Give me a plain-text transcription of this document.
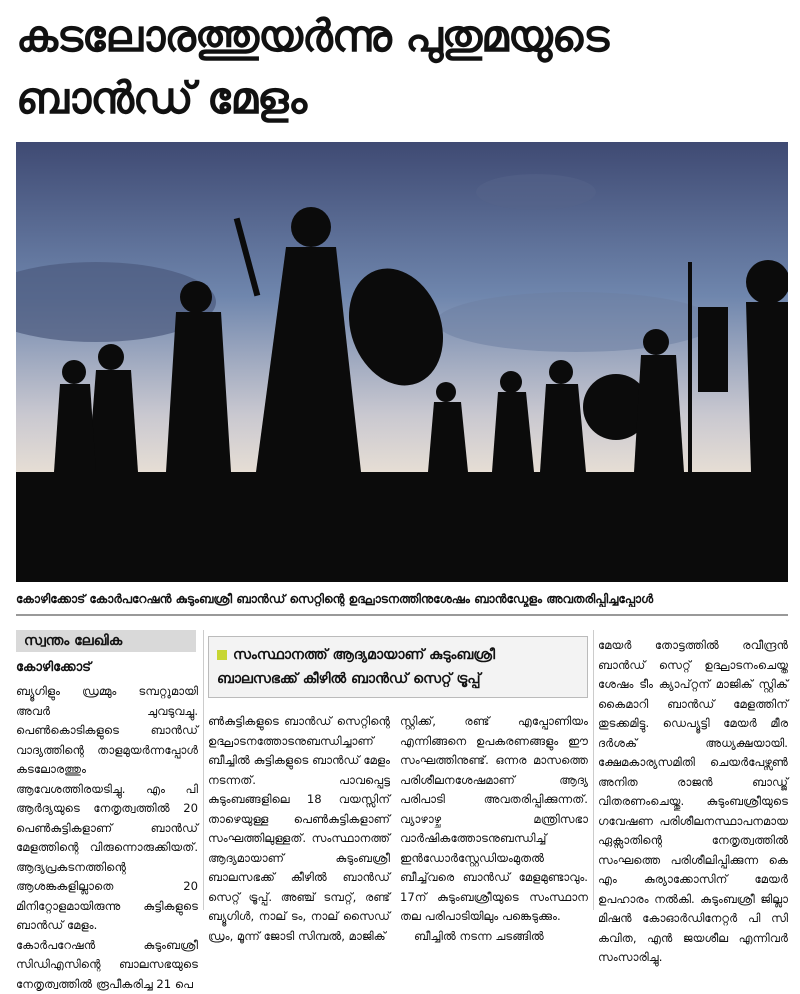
കടലോരത്തുയർന്നു പുതുമയുടെ
ബാൻഡ് മേളം
കോഴിക്കോട് കോർപറേഷൻ കുടുംബശ്രീ ബാൻഡ് സെറ്റിന്റെ ഉദ്ഘാടനത്തിനുശേഷം ബാൻഡ്മേളം അവതരിപ്പിച്ചപ്പോൾ
സ്വന്തം ലേഖിക
കോഴിക്കോട്

ബ്യൂഗിളും ഡ്രമ്മും ടമ്പറ്റുമായി അവർ ചുവടുവച്ചു. പെൺകൊടികളുടെ ബാൻഡ് വാദ്യത്തിന്റെ താളമുയർന്നപ്പോൾ കടലോരത്തും ആവേശത്തിരയടിച്ചു. എം പി ആർദ്യയുടെ നേതൃത്വത്തിൽ 20 പെൺകുട്ടികളാണ് ബാൻഡ് മേളത്തിന്റെ വിരുന്നൊരുക്കിയത്. ആദ്യപ്രകടനത്തിന്റെ ആശങ്കകളില്ലാതെ 20 മിനിറ്റോളമായിരുന്നു കുട്ടികളുടെ ബാൻഡ് മേളം.

കോർപറേഷൻ കുടുംബശ്രീ സിഡിഎസിന്റെ ബാലസഭയുടെ നേതൃത്വത്തിൽ രൂപീകരിച്ച 21 പെ

സംസ്ഥാനത്ത് ആദ്യമായാണ് കുടുംബശ്രീ
ബാലസഭക്ക് കീഴിൽ ബാൻഡ് സെറ്റ് ട്രൂപ്പ്

ൺകുട്ടികളുടെ ബാൻഡ് സെറ്റിന്റെ ഉദ്ഘാടനത്തോടനുബന്ധിച്ചാണ് ബീച്ചിൽ കുട്ടികളുടെ ബാൻഡ് മേളം നടന്നത്. പാവപ്പെട്ട കുടുംബങ്ങളിലെ 18 വയസ്സിന് താഴെയുള്ള പെൺകുട്ടികളാണ് സംഘത്തിലുള്ളത്. സംസ്ഥാനത്ത് ആദ്യമായാണ് കുടുംബശ്രീ ബാലസഭക്ക് കീഴിൽ ബാൻഡ് സെറ്റ് ട്രൂപ്പ്. അഞ്ച് ടമ്പറ്റ്, രണ്ട് ബ്യൂഗിൾ, നാല് ടം, നാല് സൈഡ് ഡ്രം, മൂന്ന് ജോടി സിമ്പൽ, മാജിക്

സ്റ്റിക്ക്, രണ്ട് എപ്പോണിയം എന്നിങ്ങനെ ഉപകരണങ്ങളും ഈ സംഘത്തിനുണ്ട്. ഒന്നര മാസത്തെ പരിശീലനശേഷമാണ് ആദ്യ പരിപാടി അവതരിപ്പിക്കുന്നത്. വ്യാഴാഴ്ച മന്ത്രിസഭാ വാർഷികത്തോടനുബന്ധിച്ച് ഇൻഡോർസ്റ്റേഡിയംമുതൽ ബീച്ച്‌വരെ ബാൻഡ് മേളമുണ്ടാവും. 17ന് കുടുംബശ്രീയുടെ സംസ്ഥാന തല പരിപാടിയിലും പങ്കെടുക്കും.

ബീച്ചിൽ നടന്ന ചടങ്ങിൽ

മേയർ തോട്ടത്തിൽ രവീന്ദ്രൻ ബാൻഡ് സെറ്റ് ഉദ്ഘാടനംചെയ്ത ശേഷം ടീം ക്യാപ്റ്റന് മാജിക് സ്റ്റിക് കൈമാറി ബാൻഡ് മേളത്തിന് തുടക്കമിട്ടു. ഡെപ്യൂട്ടി മേയർ മീര ദർശക് അധ്യക്ഷയായി. ക്ഷേമകാര്യസമിതി ചെയർപേഴ്സൺ അനിത രാജൻ ബാഡ്ജ് വിതരണംചെയ്തു. കുടുംബശ്രീയുടെ ഗവേഷണ പരിശീലനസ്ഥാപനമായ ഏക്സാതിന്റെ നേതൃത്വത്തിൽ സംഘത്തെ പരിശീലിപ്പിക്കുന്ന കെ എം കുര്യാക്കോസിന് മേയർ ഉപഹാരം നൽകി. കുടുംബശ്രീ ജില്ലാ മിഷൻ കോഓർഡിനേറ്റർ പി സി കവിത, എൻ ജയശീല എന്നിവർ സംസാരിച്ചു.
